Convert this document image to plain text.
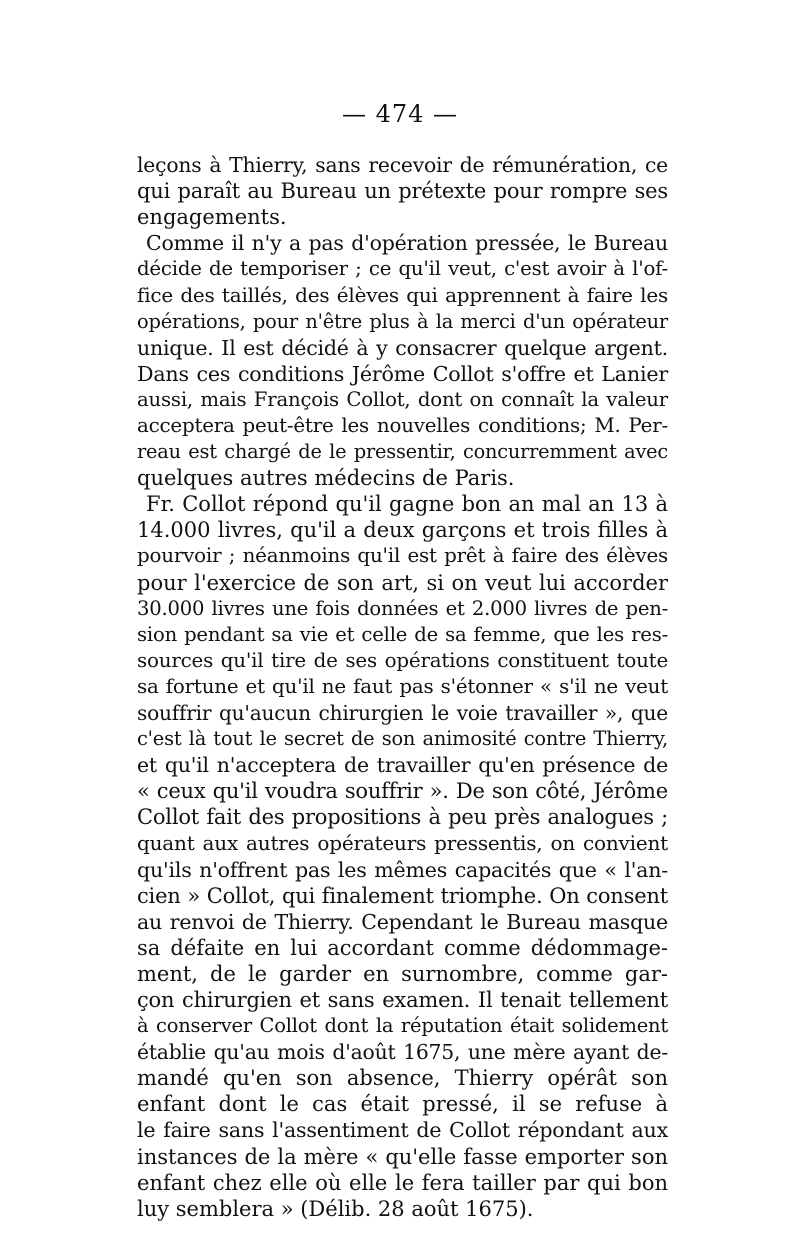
— 474 —
leçons à Thierry, sans recevoir de rémunération, ce
qui paraît au Bureau un prétexte pour rompre ses
engagements.
Comme il n'y a pas d'opération pressée, le Bureau
décide de temporiser ; ce qu'il veut, c'est avoir à l'of-
fice des taillés, des élèves qui apprennent à faire les
opérations, pour n'être plus à la merci d'un opérateur
unique. Il est décidé à y consacrer quelque argent.
Dans ces conditions Jérôme Collot s'offre et Lanier
aussi, mais François Collot, dont on connaît la valeur
acceptera peut-être les nouvelles conditions; M. Per-
reau est chargé de le pressentir, concurremment avec
quelques autres médecins de Paris.
Fr. Collot répond qu'il gagne bon an mal an 13 à
14.000 livres, qu'il a deux garçons et trois filles à
pourvoir ; néanmoins qu'il est prêt à faire des élèves
pour l'exercice de son art, si on veut lui accorder
30.000 livres une fois données et 2.000 livres de pen-
sion pendant sa vie et celle de sa femme, que les res-
sources qu'il tire de ses opérations constituent toute
sa fortune et qu'il ne faut pas s'étonner « s'il ne veut
souffrir qu'aucun chirurgien le voie travailler », que
c'est là tout le secret de son animosité contre Thierry,
et qu'il n'acceptera de travailler qu'en présence de
« ceux qu'il voudra souffrir ». De son côté, Jérôme
Collot fait des propositions à peu près analogues ;
quant aux autres opérateurs pressentis, on convient
qu'ils n'offrent pas les mêmes capacités que « l'an-
cien » Collot, qui finalement triomphe. On consent
au renvoi de Thierry. Cependant le Bureau masque
sa défaite en lui accordant comme dédommage-
ment, de le garder en surnombre, comme gar-
çon chirurgien et sans examen. Il tenait tellement
à conserver Collot dont la réputation était solidement
établie qu'au mois d'août 1675, une mère ayant de-
mandé qu'en son absence, Thierry opérât son
enfant dont le cas était pressé, il se refuse à
le faire sans l'assentiment de Collot répondant aux
instances de la mère « qu'elle fasse emporter son
enfant chez elle où elle le fera tailler par qui bon
luy semblera » (Délib. 28 août 1675).
